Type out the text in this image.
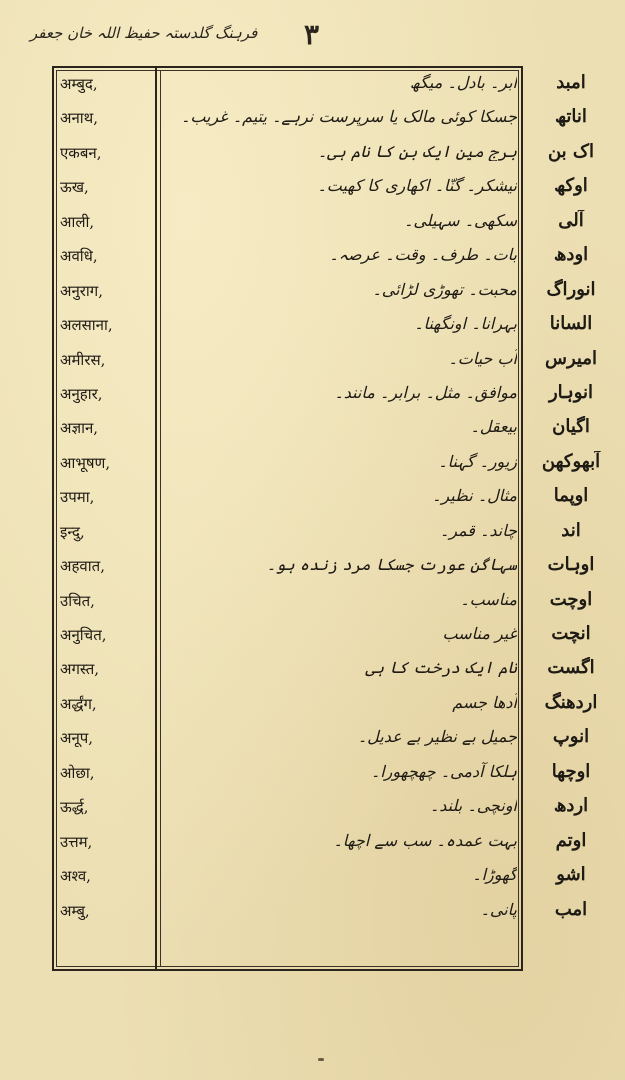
فرہنگ گلدستہ حفیظ اللہ خان جعفر ۳
अम्बुद,	ابر۔ بادل۔ میگھ	امبد
अनाथ,	جسکا کوئی مالک یا سرپرست نرہے۔ یتیم۔ غریب۔	اناتھ
एकबन,	برج مین ایک بن کا نام ہی۔	اک بن
ऊख,	نیشکر۔ گنّا۔ اکھاری کا کھیت۔	اوکھ
आली,	سکھی۔ سہیلی۔	آلی
अवधि,	بات۔ طرف۔ وقت۔ عرصہ۔	اودھ
अनुराग,	محبت۔ تھوڑی لڑائی۔	انوراگ
अलसाना,	بہرانا۔ اونگھنا۔	السانا
अमीरस,	آب حیات۔	امیرس
अनुहार,	موافق۔ مثل۔ برابر۔ مانند۔	انوہار
अज्ञान,	بیعقل۔	اگیان
आभूषण,	زیور۔ گہنا۔	آبھوکھن
उपमा,	مثال۔ نظیر۔	اوپما
इन्दु,	چاند۔ قمر۔	اند
अहवात,	سہاگن عورت جسکا مرد زندہ ہو۔	اوہات
उचित,	مناسب۔	اوچت
अनुचित,	غیر مناسب	انچت
अगस्त,	نام ایک درخت کا ہی	اگست
अर्द्धंग,	آدھا جسم	اردھنگ
अनूप,	جمیل بے نظیر بے عدیل۔	انوپ
ओछा,	ہلکا آدمی۔ چھچھورا۔	اوچھا
ऊर्द्ध,	اونچی۔ بلند۔	اردھ
उत्तम,	بہت عمدہ۔ سب سے اچھا۔	اوتم
अश्व,	گھوڑا۔	اشو
अम्बु,	پانی۔	امب
